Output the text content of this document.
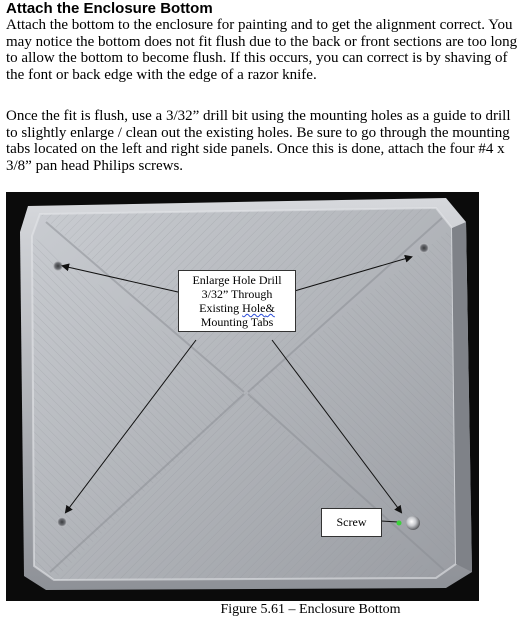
Attach the Enclosure Bottom
Attach the bottom to the enclosure for painting and to get the alignment correct. You may notice the bottom does not fit flush due to the back or front sections are too long to allow the bottom to become flush. If this occurs, you can correct is by shaving of the font or back edge with the edge of a razor knife.
Once the fit is flush, use a 3/32” drill bit using the mounting holes as a guide to drill to slightly enlarge / clean out the existing holes. Be sure to go through the mounting tabs located on the left and right side panels. Once this is done, attach the four #4 x 3/8” pan head Philips screws.
Enlarge Hole Drill
3/32” Through
Existing Hole&
Mounting Tabs
Screw
Figure 5.61 – Enclosure Bottom
